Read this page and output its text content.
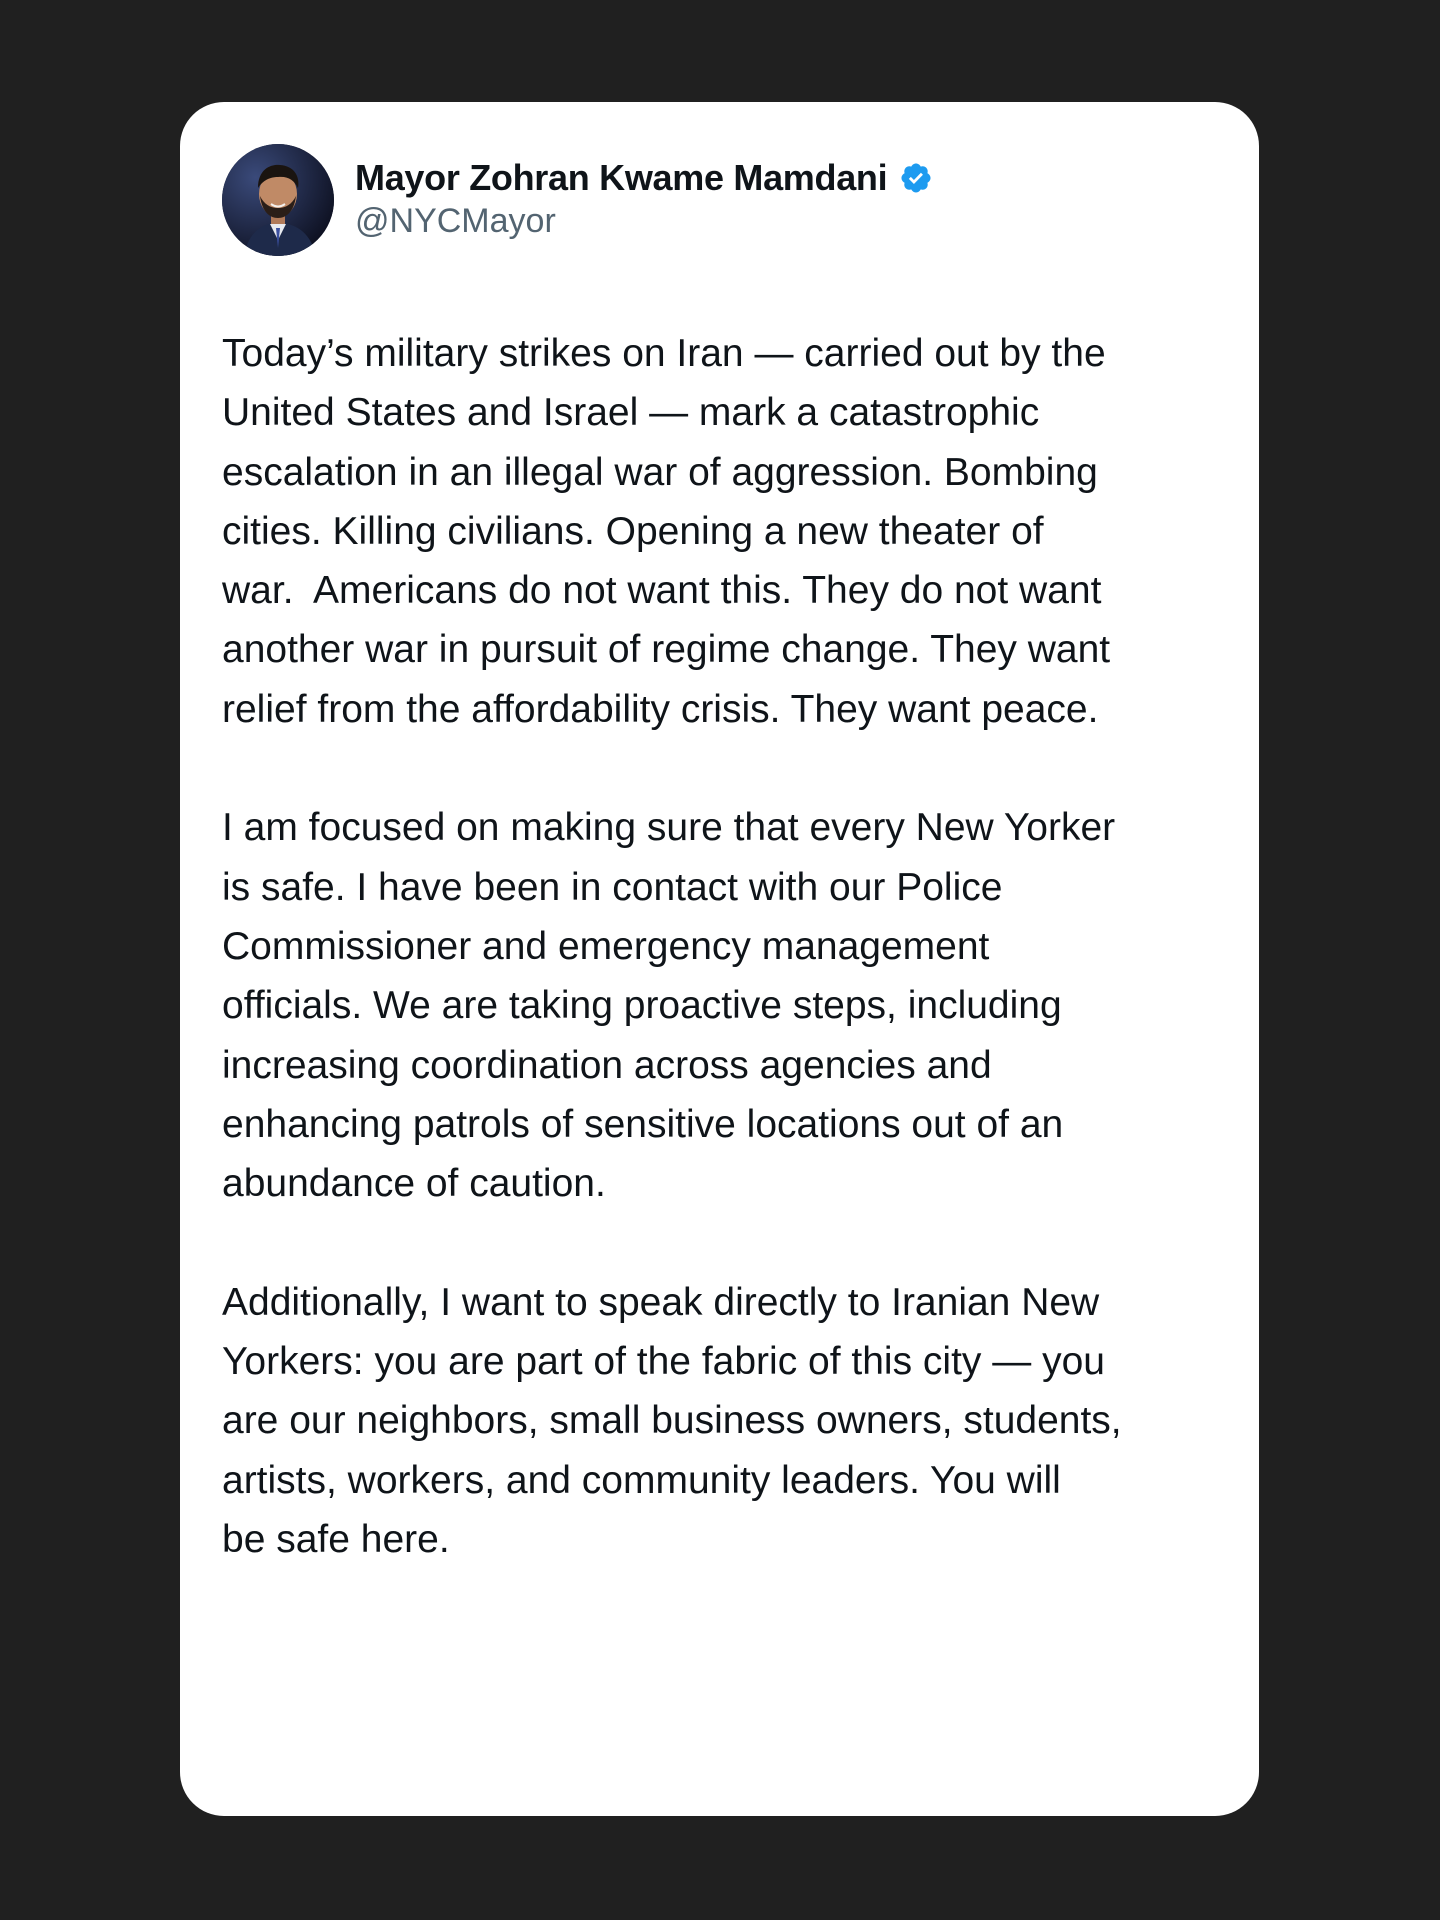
Mayor Zohran Kwame Mamdani
@NYCMayor

Today’s military strikes on Iran — carried out by the
United States and Israel — mark a catastrophic
escalation in an illegal war of aggression. Bombing
cities. Killing civilians. Opening a new theater of
war.  Americans do not want this. They do not want
another war in pursuit of regime change. They want
relief from the affordability crisis. They want peace.

I am focused on making sure that every New Yorker
is safe. I have been in contact with our Police
Commissioner and emergency management
officials. We are taking proactive steps, including
increasing coordination across agencies and
enhancing patrols of sensitive locations out of an
abundance of caution.

Additionally, I want to speak directly to Iranian New
Yorkers: you are part of the fabric of this city — you
are our neighbors, small business owners, students,
artists, workers, and community leaders. You will
be safe here.
